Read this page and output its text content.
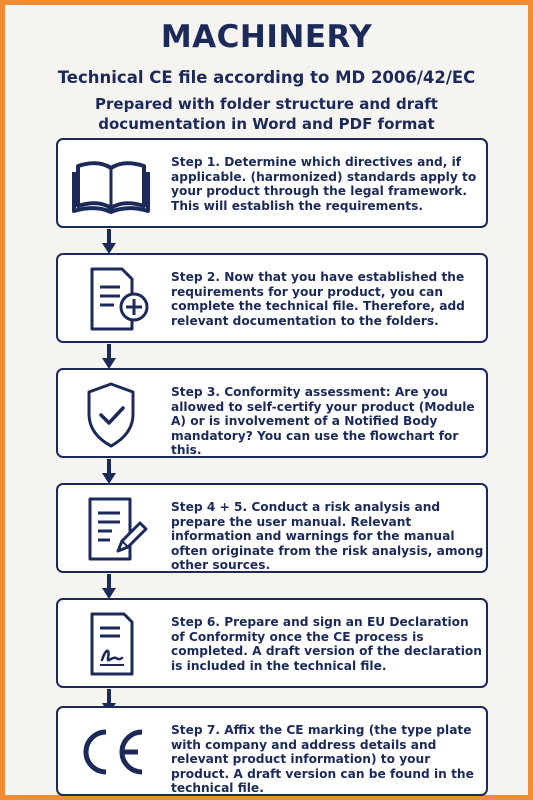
MACHINERY
Technical CE file according to MD 2006/42/EC
Prepared with folder structure and draft documentation in Word and PDF format
Step 1. Determine which directives and, if applicable. (harmonized) standards apply to your product through the legal framework. This will establish the requirements.
Step 2. Now that you have established the requirements for your product, you can complete the technical file. Therefore, add relevant documentation to the folders.
Step 3. Conformity assessment: Are you allowed to self-certify your product (Module A) or is involvement of a Notified Body mandatory? You can use the flowchart for this.
Step 4 + 5. Conduct a risk analysis and prepare the user manual. Relevant information and warnings for the manual often originate from the risk analysis, among other sources.
Step 6. Prepare and sign an EU Declaration of Conformity once the CE process is completed. A draft version of the declaration is included in the technical file.
Step 7. Affix the CE marking (the type plate with company and address details and relevant product information) to your product. A draft version can be found in the technical file.
